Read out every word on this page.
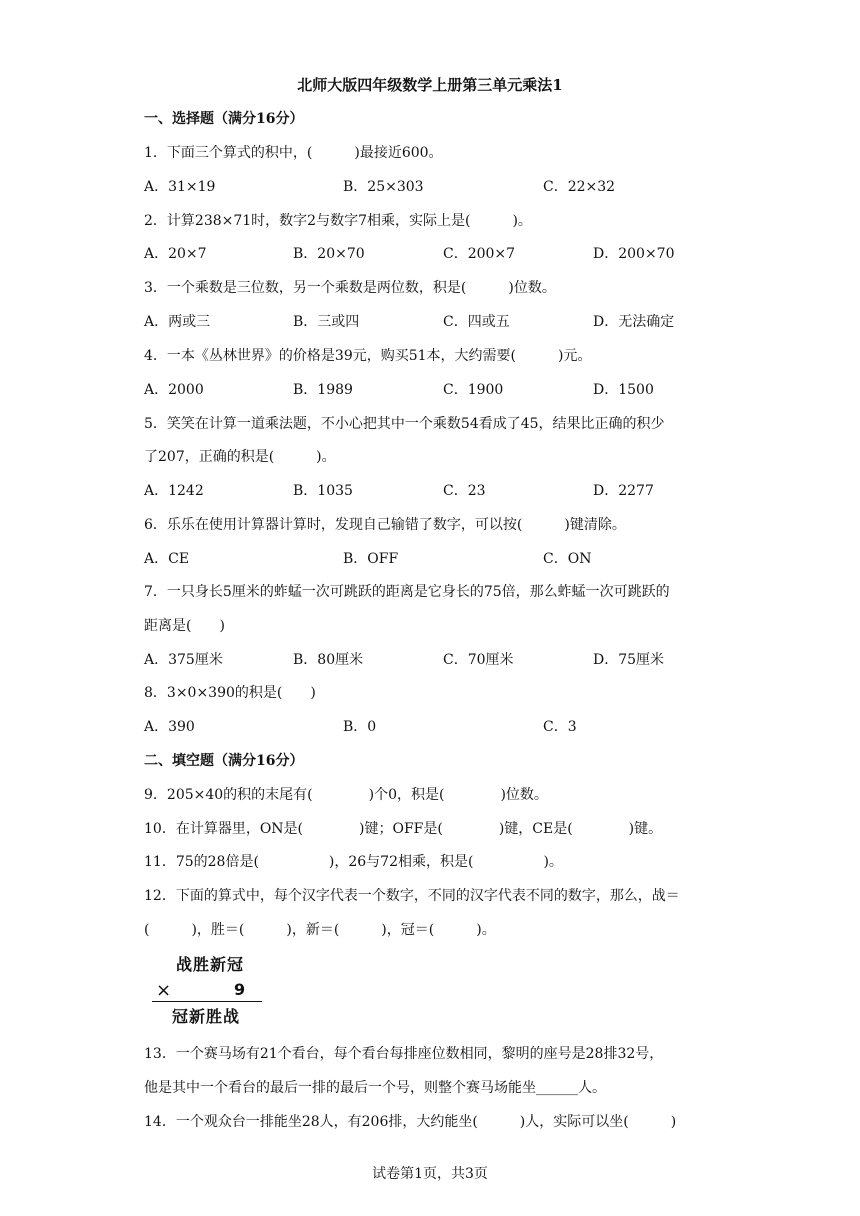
北师大版四年级数学上册第三单元乘法1
一、选择题（满分16分）
1．下面三个算式的积中，(　　　)最接近600。
A．31×19	B．25×303	C．22×32
2．计算238×71时，数字2与数字7相乘，实际上是(　　　)。
A．20×7	B．20×70	C．200×7	D．200×70
3．一个乘数是三位数，另一个乘数是两位数，积是(　　　)位数。
A．两或三	B．三或四	C．四或五	D．无法确定
4．一本《丛林世界》的价格是39元，购买51本，大约需要(　　　)元。
A．2000	B．1989	C．1900	D．1500
5．笑笑在计算一道乘法题，不小心把其中一个乘数54看成了45，结果比正确的积少
了207，正确的积是(　　　)。
A．1242	B．1035	C．23	D．2277
6．乐乐在使用计算器计算时，发现自己输错了数字，可以按(　　　)键清除。
A．CE	B．OFF	C．ON
7．一只身长5厘米的蚱蜢一次可跳跃的距离是它身长的75倍，那么蚱蜢一次可跳跃的
距离是(　　)
A．375厘米	B．80厘米	C．70厘米	D．75厘米
8．3×0×390的积是(　　)
A．390	B．0	C．3
二、填空题（满分16分）
9．205×40的积的末尾有(　　　　)个0，积是(　　　　)位数。
10．在计算器里，ON是(　　　　)键；OFF是(　　　　)键，CE是(　　　　)键。
11．75的28倍是(　　　　　)，26与72相乘，积是(　　　　　)。
12．下面的算式中，每个汉字代表一个数字，不同的汉字代表不同的数字，那么，战＝
(　　　)，胜＝(　　　)，新＝(　　　)，冠＝(　　　)。
战胜新冠
×	9
冠新胜战
13．一个赛马场有21个看台，每个看台每排座位数相同，黎明的座号是28排32号，
他是其中一个看台的最后一排的最后一个号，则整个赛马场能坐______人。
14．一个观众台一排能坐28人，有206排，大约能坐(　　　)人，实际可以坐(　　　)
试卷第1页，共3页
